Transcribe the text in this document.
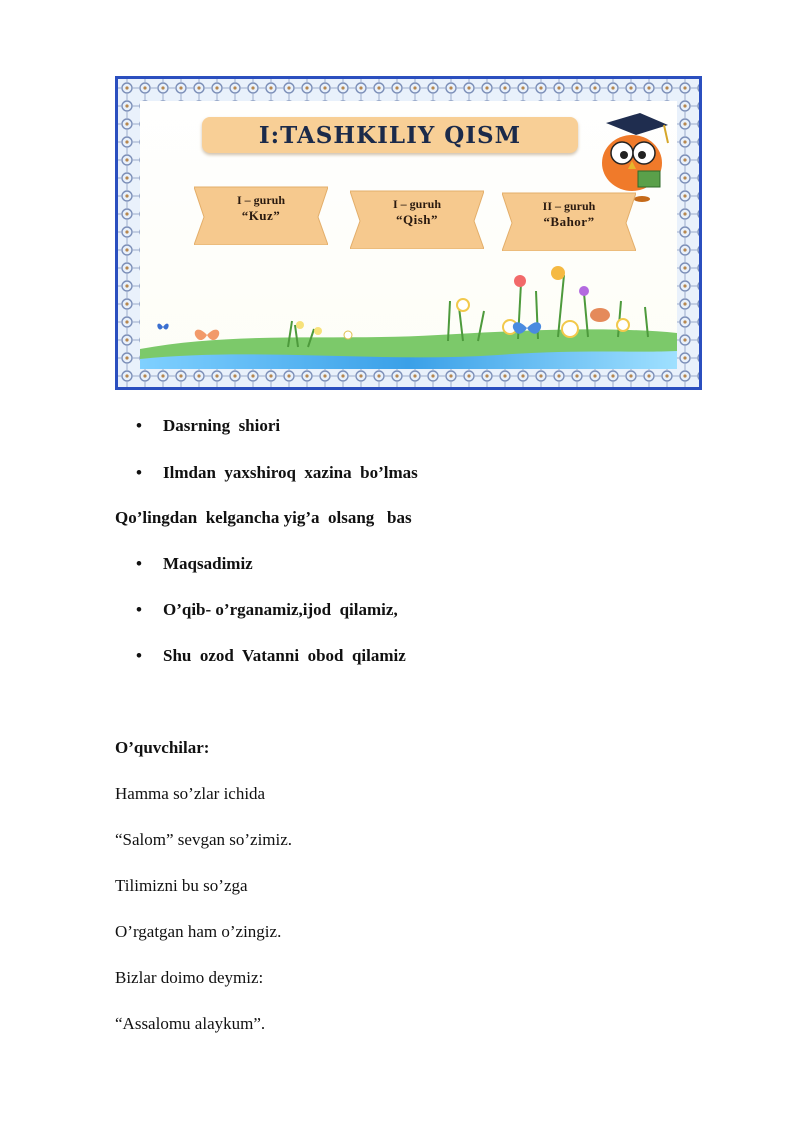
I:TASHKILIY QISM
I – guruh
“Kuz”
I – guruh
“Qish”
II – guruh
“Bahor”
• Dasrning  shiori
• Ilmdan  yaxshiroq  xazina  bo’lmas
Qo’lingdan  kelgancha yig’a  olsang   bas
• Maqsadimiz
• O’qib- o’rganamiz,ijod  qilamiz,
• Shu  ozod  Vatanni  obod  qilamiz
O’quvchilar:
Hamma so’zlar ichida
“Salom” sevgan so’zimiz.
Tilimizni bu so’zga
O’rgatgan ham o’zingiz.
Bizlar doimo deymiz:
“Assalomu alaykum”.
